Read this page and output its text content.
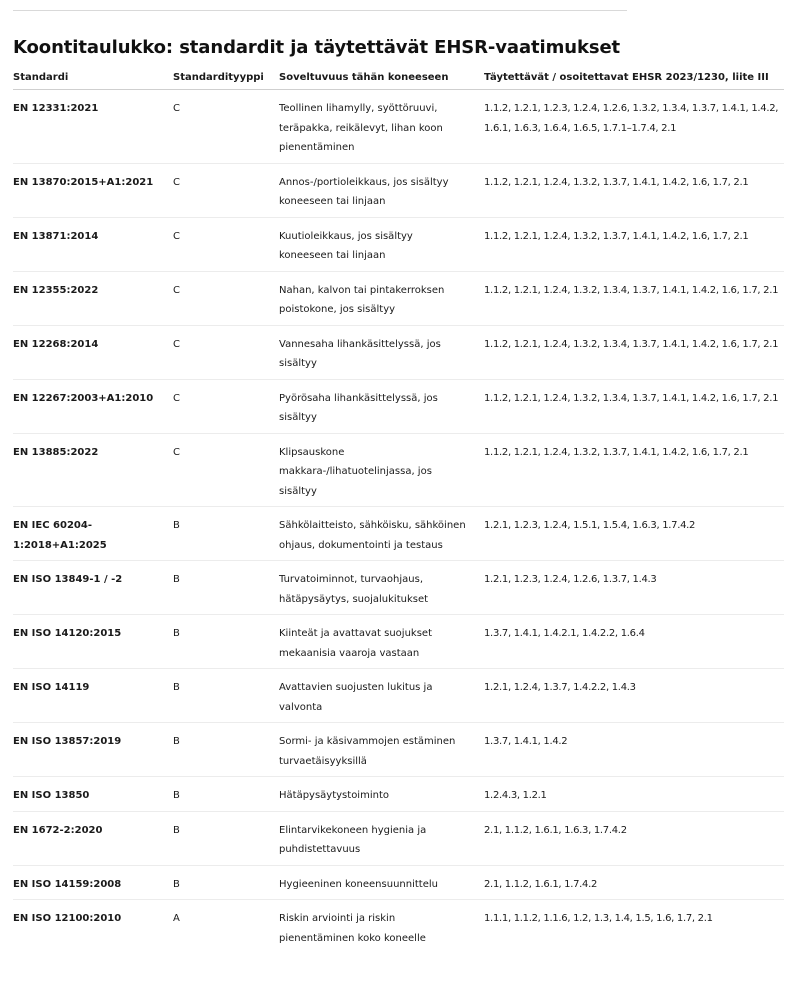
Koontitaulukko: standardit ja täytettävät EHSR-vaatimukset
Standardi	Standardityyppi	Soveltuvuus tähän koneeseen	Täytettävät / osoitettavat EHSR 2023/1230, liite III
EN 12331:2021	C	Teollinen lihamylly, syöttöruuvi, teräpakka, reikälevyt, lihan koon pienentäminen	1.1.2, 1.2.1, 1.2.3, 1.2.4, 1.2.6, 1.3.2, 1.3.4, 1.3.7, 1.4.1, 1.4.2, 1.6.1, 1.6.3, 1.6.4, 1.6.5, 1.7.1–1.7.4, 2.1
EN 13870:2015+A1:2021	C	Annos-/portioleikkaus, jos sisältyy koneeseen tai linjaan	1.1.2, 1.2.1, 1.2.4, 1.3.2, 1.3.7, 1.4.1, 1.4.2, 1.6, 1.7, 2.1
EN 13871:2014	C	Kuutioleikkaus, jos sisältyy koneeseen tai linjaan	1.1.2, 1.2.1, 1.2.4, 1.3.2, 1.3.7, 1.4.1, 1.4.2, 1.6, 1.7, 2.1
EN 12355:2022	C	Nahan, kalvon tai pintakerroksen poistokone, jos sisältyy	1.1.2, 1.2.1, 1.2.4, 1.3.2, 1.3.4, 1.3.7, 1.4.1, 1.4.2, 1.6, 1.7, 2.1
EN 12268:2014	C	Vannesaha lihankäsittelyssä, jos sisältyy	1.1.2, 1.2.1, 1.2.4, 1.3.2, 1.3.4, 1.3.7, 1.4.1, 1.4.2, 1.6, 1.7, 2.1
EN 12267:2003+A1:2010	C	Pyörösaha lihankäsittelyssä, jos sisältyy	1.1.2, 1.2.1, 1.2.4, 1.3.2, 1.3.4, 1.3.7, 1.4.1, 1.4.2, 1.6, 1.7, 2.1
EN 13885:2022	C	Klipsauskone makkara-/lihatuotelinjassa, jos sisältyy	1.1.2, 1.2.1, 1.2.4, 1.3.2, 1.3.7, 1.4.1, 1.4.2, 1.6, 1.7, 2.1
EN IEC 60204-1:2018+A1:2025	B	Sähkölaitteisto, sähköisku, sähköinen ohjaus, dokumentointi ja testaus	1.2.1, 1.2.3, 1.2.4, 1.5.1, 1.5.4, 1.6.3, 1.7.4.2
EN ISO 13849-1 / -2	B	Turvatoiminnot, turvaohjaus, hätäpysäytys, suojalukitukset	1.2.1, 1.2.3, 1.2.4, 1.2.6, 1.3.7, 1.4.3
EN ISO 14120:2015	B	Kiinteät ja avattavat suojukset mekaanisia vaaroja vastaan	1.3.7, 1.4.1, 1.4.2.1, 1.4.2.2, 1.6.4
EN ISO 14119	B	Avattavien suojusten lukitus ja valvonta	1.2.1, 1.2.4, 1.3.7, 1.4.2.2, 1.4.3
EN ISO 13857:2019	B	Sormi- ja käsivammojen estäminen turvaetäisyyksillä	1.3.7, 1.4.1, 1.4.2
EN ISO 13850	B	Hätäpysäytystoiminto	1.2.4.3, 1.2.1
EN 1672-2:2020	B	Elintarvikekoneen hygienia ja puhdistettavuus	2.1, 1.1.2, 1.6.1, 1.6.3, 1.7.4.2
EN ISO 14159:2008	B	Hygieeninen koneensuunnittelu	2.1, 1.1.2, 1.6.1, 1.7.4.2
EN ISO 12100:2010	A	Riskin arviointi ja riskin pienentäminen koko koneelle	1.1.1, 1.1.2, 1.1.6, 1.2, 1.3, 1.4, 1.5, 1.6, 1.7, 2.1
